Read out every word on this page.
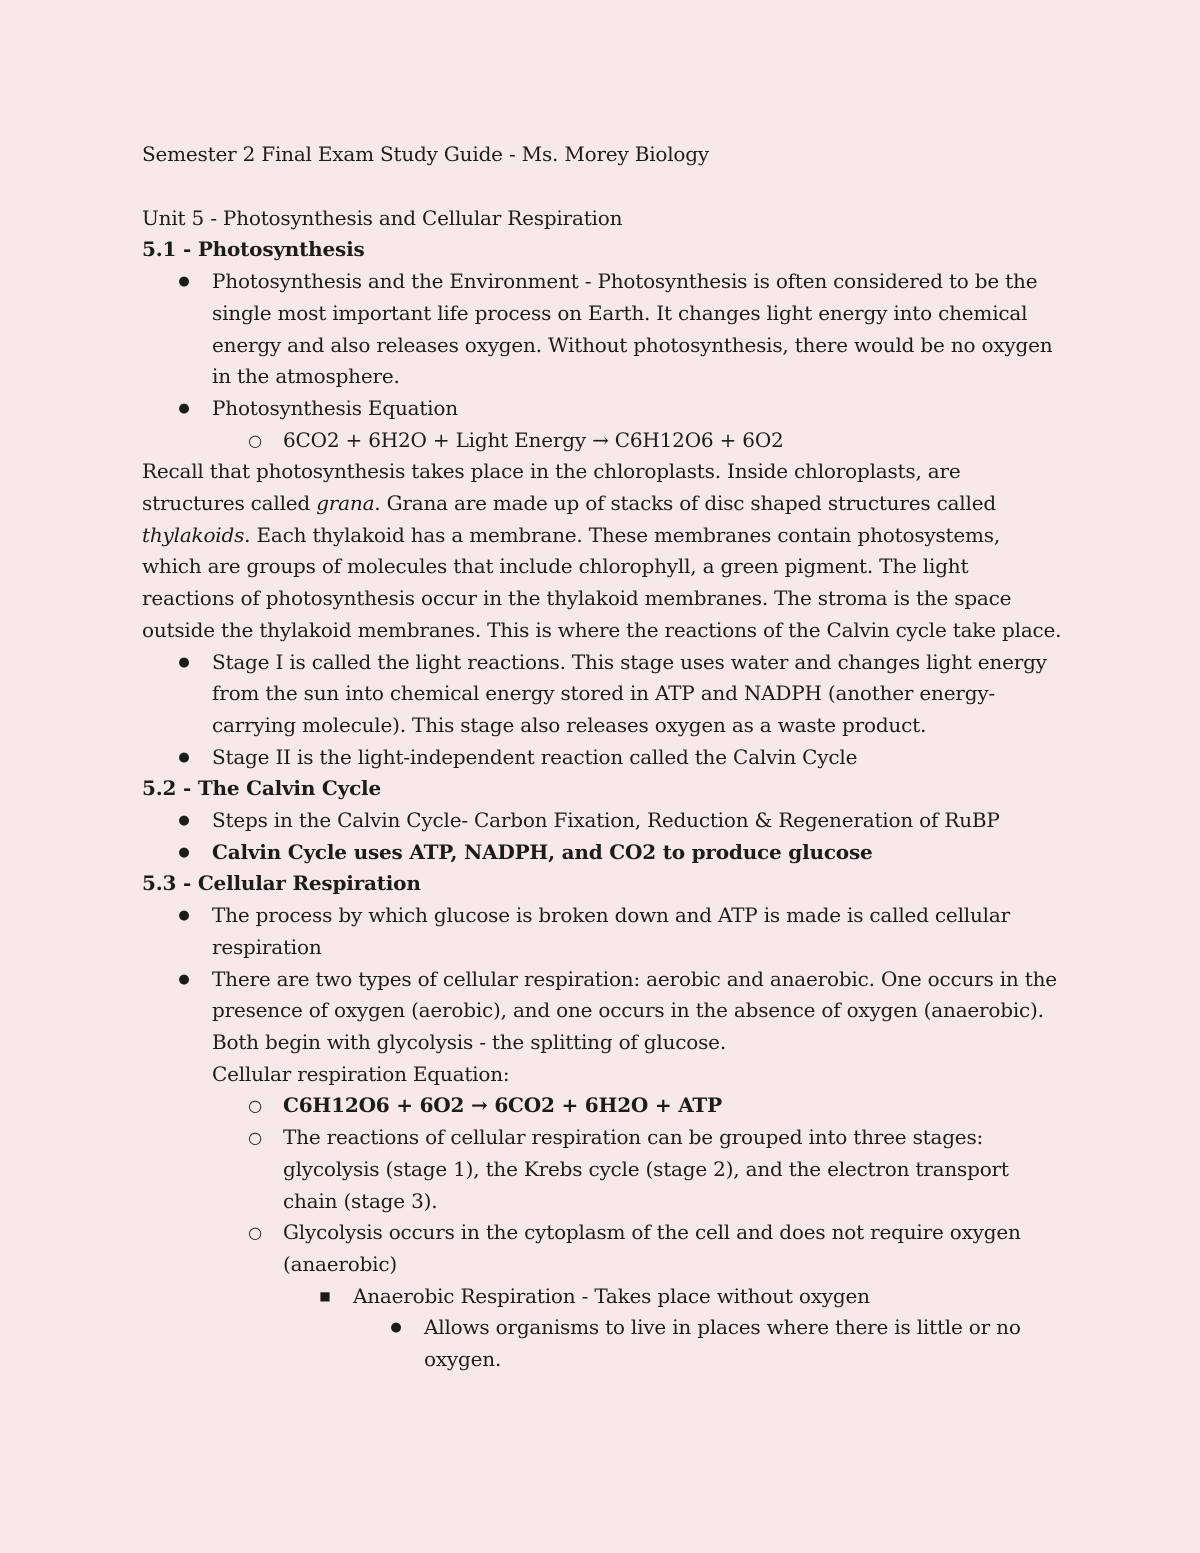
Semester 2 Final Exam Study Guide - Ms. Morey Biology
Unit 5 - Photosynthesis and Cellular Respiration
5.1 - Photosynthesis
● Photosynthesis and the Environment - Photosynthesis is often considered to be the single most important life process on Earth. It changes light energy into chemical energy and also releases oxygen. Without photosynthesis, there would be no oxygen in the atmosphere.
● Photosynthesis Equation
○ 6CO2 + 6H2O + Light Energy → C6H12O6 + 6O2
Recall that photosynthesis takes place in the chloroplasts. Inside chloroplasts, are structures called grana. Grana are made up of stacks of disc shaped structures called thylakoids. Each thylakoid has a membrane. These membranes contain photosystems, which are groups of molecules that include chlorophyll, a green pigment. The light reactions of photosynthesis occur in the thylakoid membranes. The stroma is the space outside the thylakoid membranes. This is where the reactions of the Calvin cycle take place.
● Stage I is called the light reactions. This stage uses water and changes light energy from the sun into chemical energy stored in ATP and NADPH (another energy-carrying molecule). This stage also releases oxygen as a waste product.
● Stage II is the light-independent reaction called the Calvin Cycle
5.2 - The Calvin Cycle
● Steps in the Calvin Cycle- Carbon Fixation, Reduction & Regeneration of RuBP
● Calvin Cycle uses ATP, NADPH, and CO2 to produce glucose
5.3 - Cellular Respiration
● The process by which glucose is broken down and ATP is made is called cellular respiration
● There are two types of cellular respiration: aerobic and anaerobic. One occurs in the presence of oxygen (aerobic), and one occurs in the absence of oxygen (anaerobic). Both begin with glycolysis - the splitting of glucose.
Cellular respiration Equation:
○ C6H12O6 + 6O2 → 6CO2 + 6H2O + ATP
○ The reactions of cellular respiration can be grouped into three stages: glycolysis (stage 1), the Krebs cycle (stage 2), and the electron transport chain (stage 3).
○ Glycolysis occurs in the cytoplasm of the cell and does not require oxygen (anaerobic)
■ Anaerobic Respiration - Takes place without oxygen
● Allows organisms to live in places where there is little or no oxygen.
